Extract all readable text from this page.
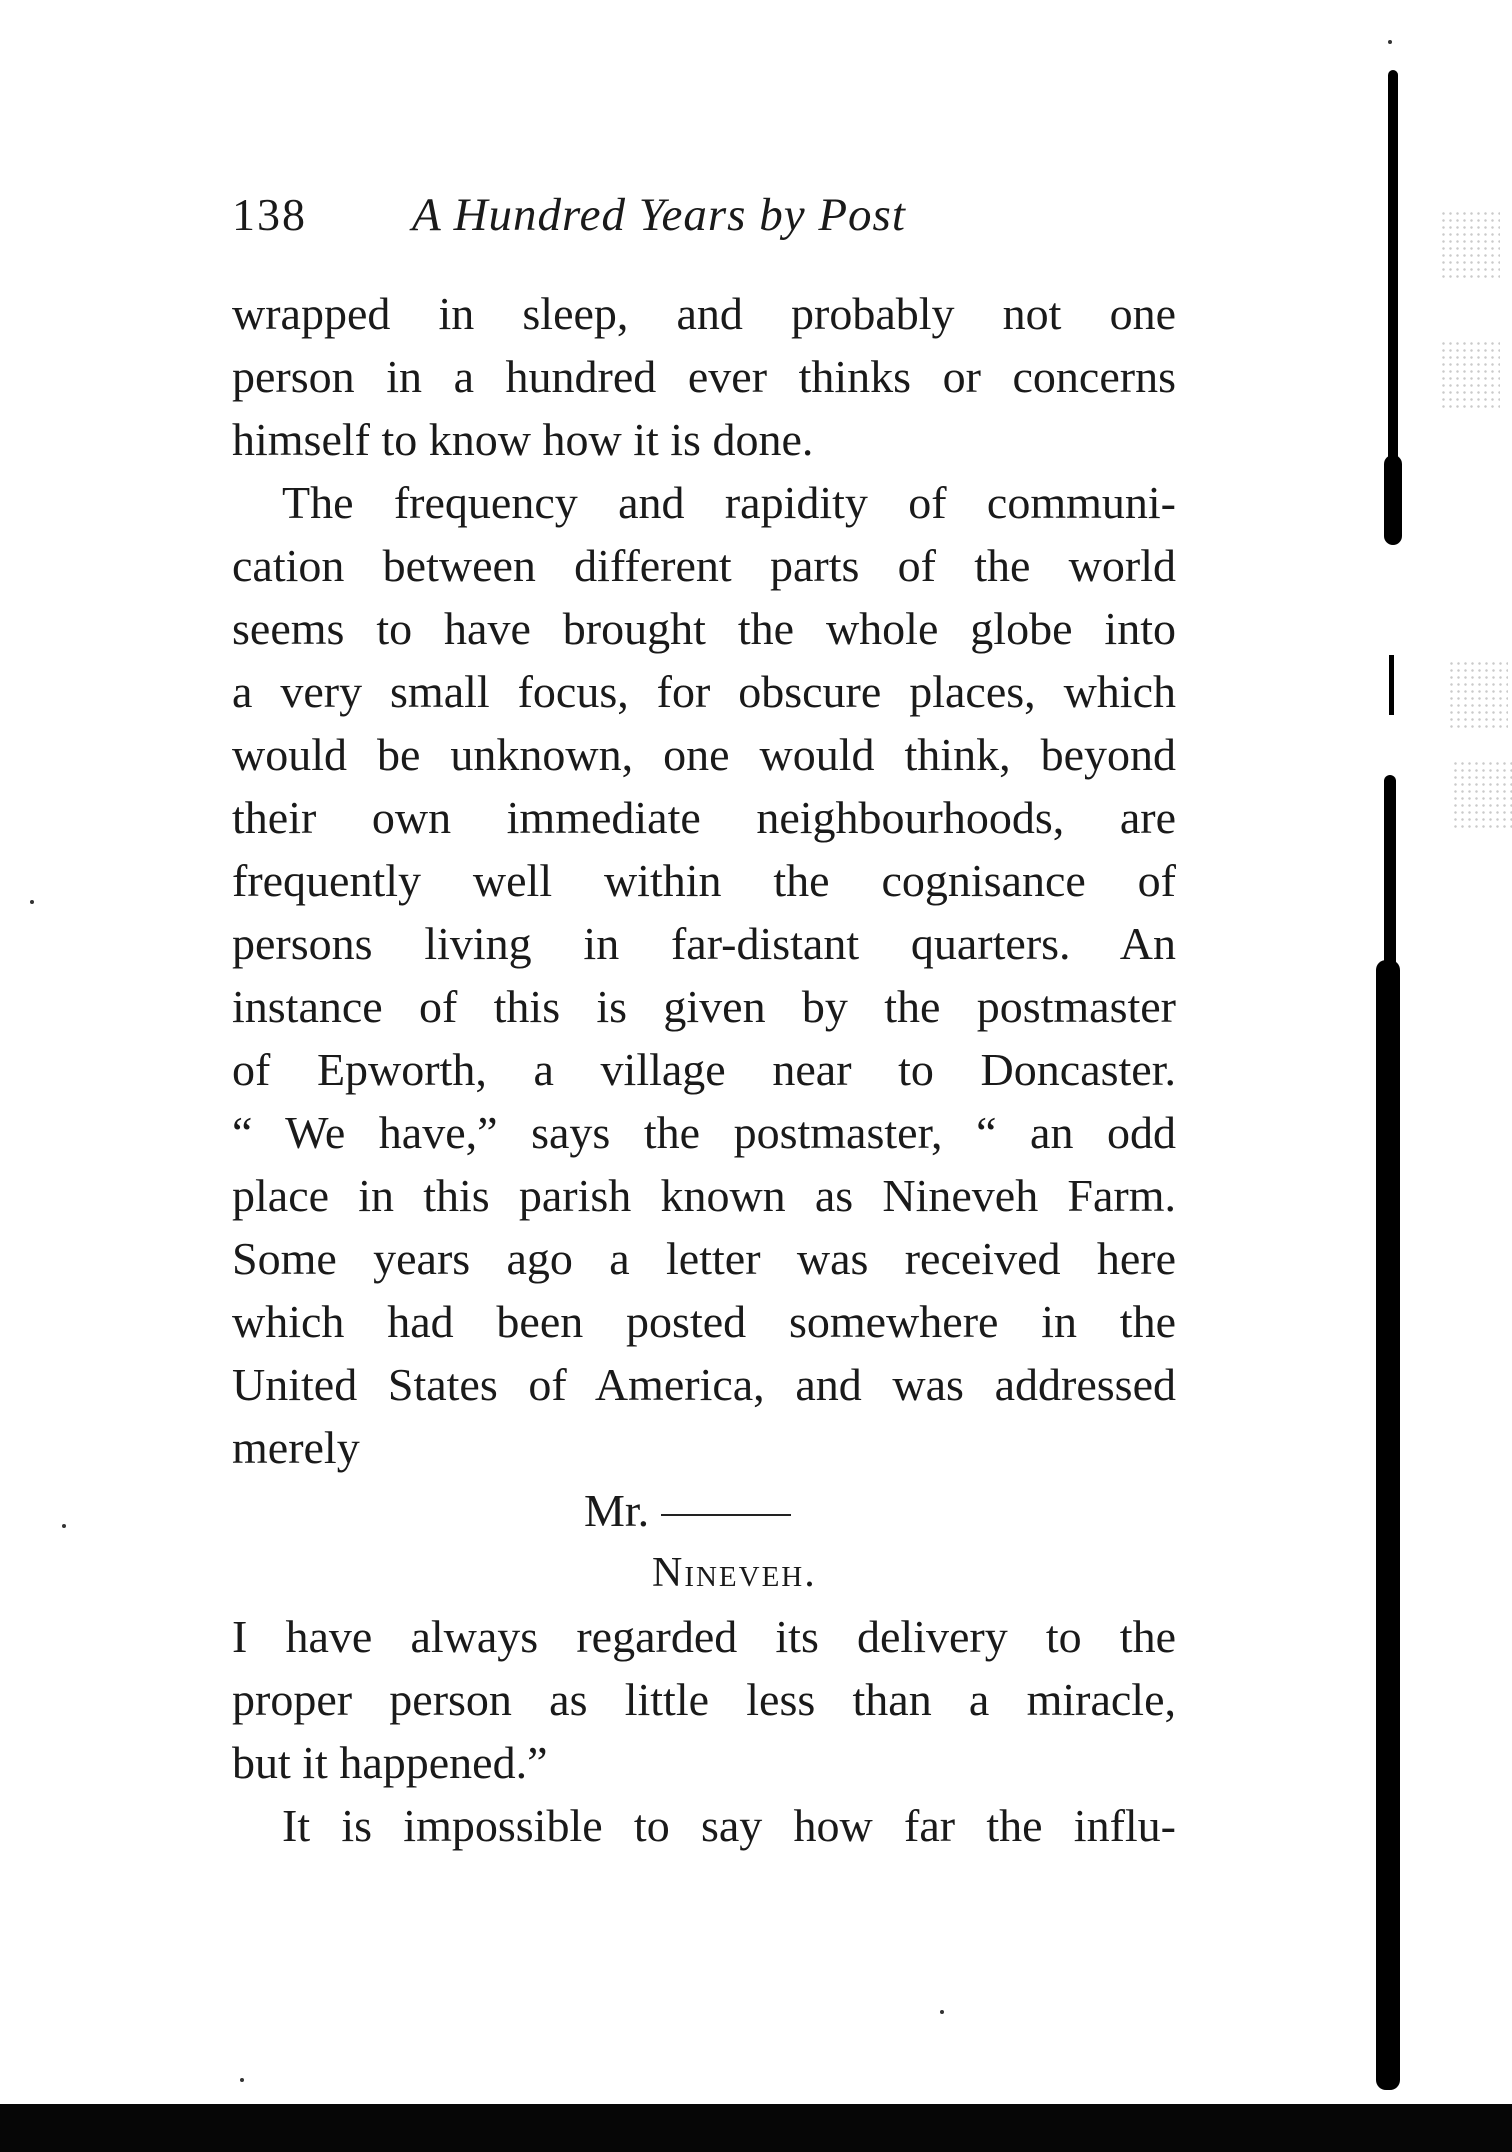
138 A Hundred Years by Post
wrapped in sleep, and probably not one
person in a hundred ever thinks or concerns
himself to know how it is done.
The frequency and rapidity of communi-
cation between different parts of the world
seems to have brought the whole globe into
a very small focus, for obscure places, which
would be unknown, one would think, beyond
their own immediate neighbourhoods, are
frequently well within the cognisance of
persons living in far-distant quarters. An
instance of this is given by the postmaster
of Epworth, a village near to Doncaster.
“ We have,” says the postmaster, “ an odd
place in this parish known as Nineveh Farm.
Some years ago a letter was received here
which had been posted somewhere in the
United States of America, and was addressed
merely
Mr.
Nineveh.
I have always regarded its delivery to the
proper person as little less than a miracle,
but it happened.”
It is impossible to say how far the influ-
